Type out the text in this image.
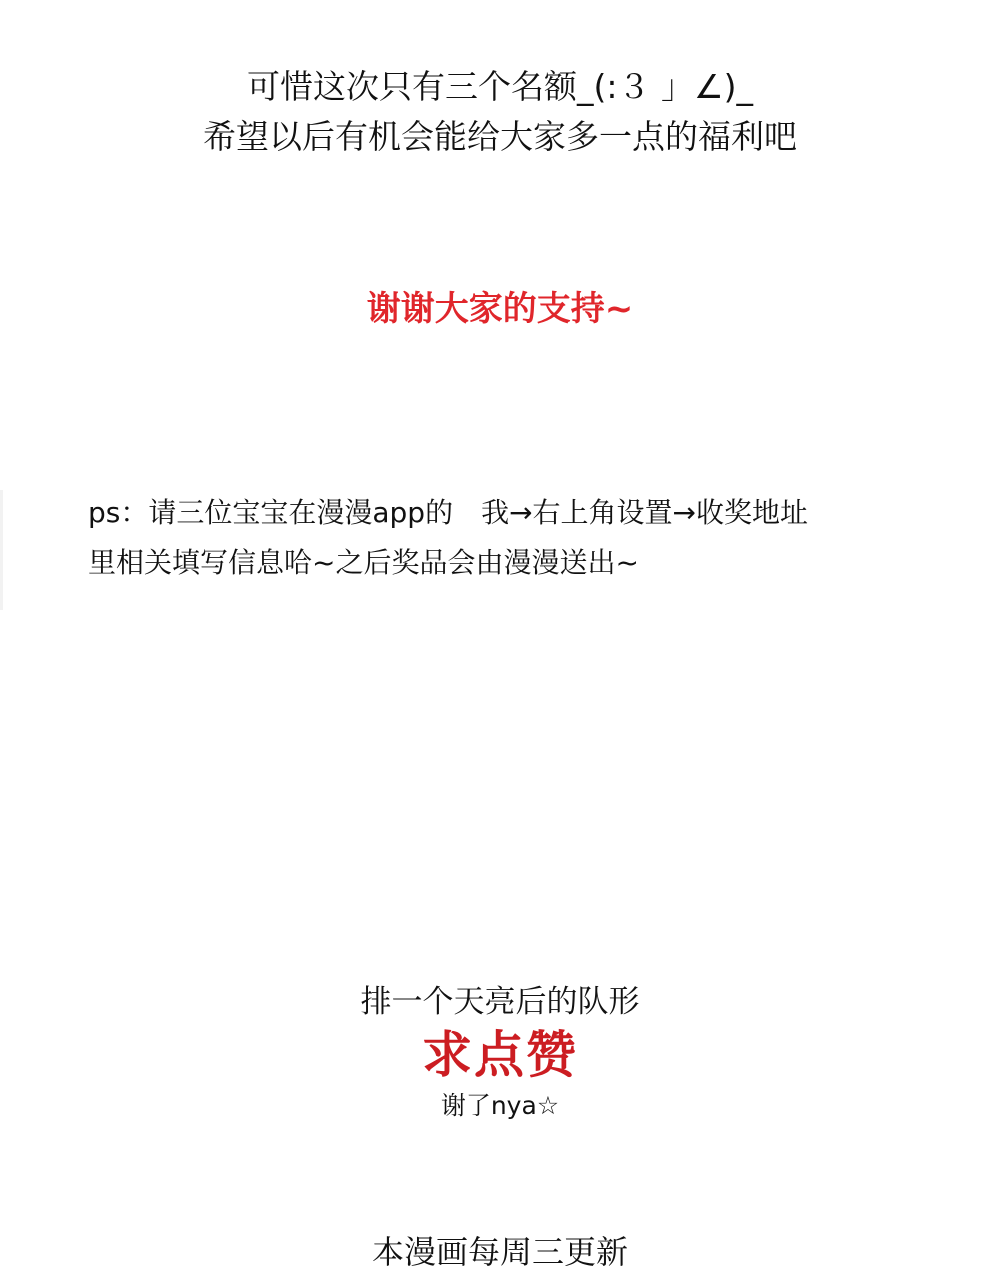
可惜这次只有三个名额_(:３ 」∠)_
希望以后有机会能给大家多一点的福利吧
谢谢大家的支持~
ps：请三位宝宝在漫漫app的　我→右上角设置→收奖地址
里相关填写信息哈~之后奖品会由漫漫送出~
排一个天亮后的队形
求点赞
谢了nya☆
本漫画每周三更新
